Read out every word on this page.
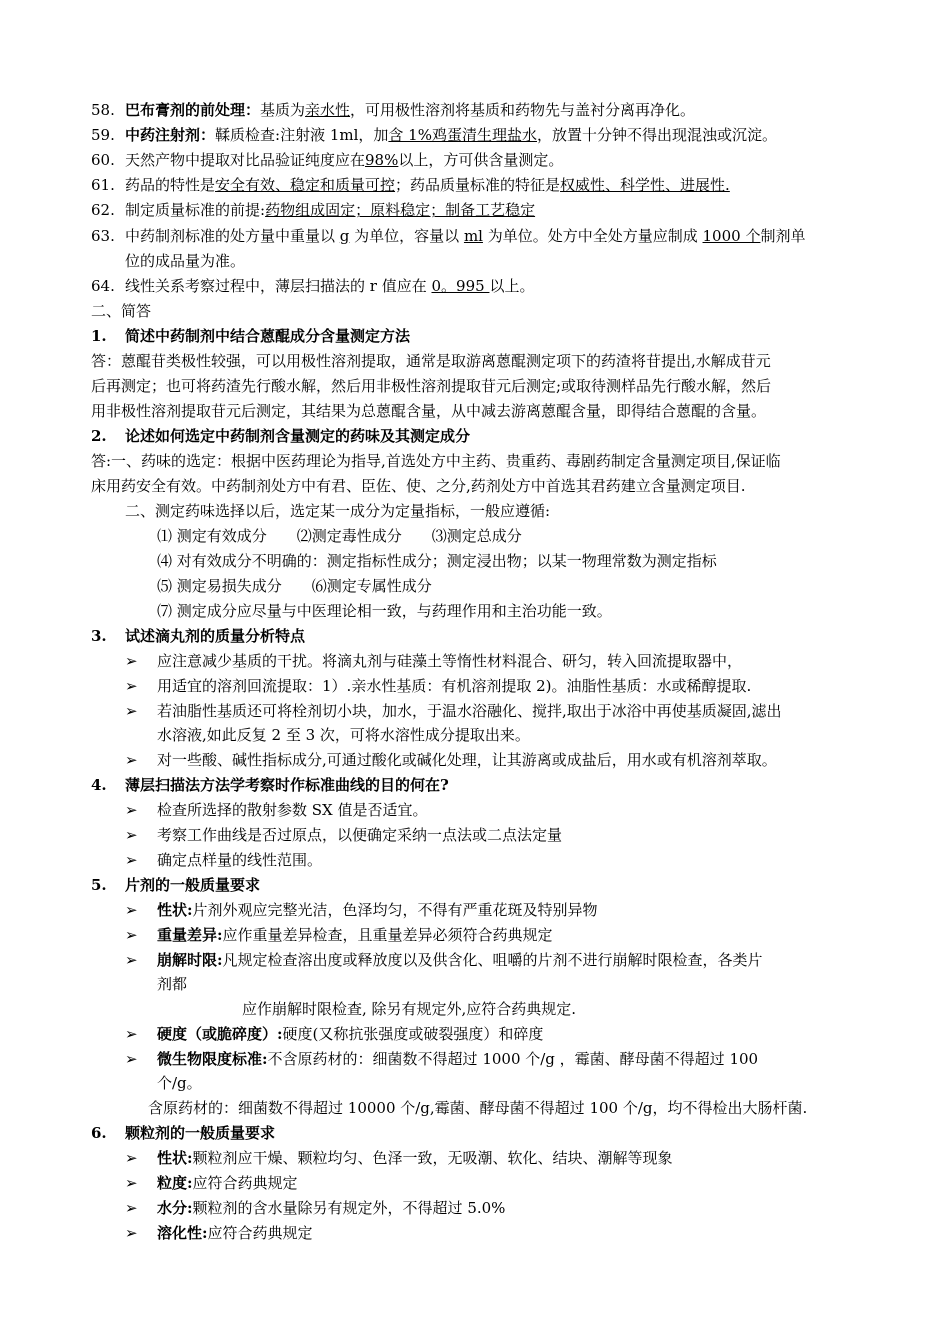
58. 巴布膏剂的前处理：基质为亲水性，可用极性溶剂将基质和药物先与盖衬分离再净化。
59. 中药注射剂：鞣质检查:注射液 1ml，加含 1%鸡蛋清生理盐水，放置十分钟不得出现混浊或沉淀。
60. 天然产物中提取对比品验证纯度应在98%以上，方可供含量测定。
61. 药品的特性是安全有效、稳定和质量可控；药品质量标准的特征是权威性、科学性、进展性.
62. 制定质量标准的前提:药物组成固定；原料稳定；制备工艺稳定
63. 中药制剂标准的处方量中重量以 g 为单位，容量以 ml 为单位。处方中全处方量应制成 1000 个制剂单
位的成品量为准。
64. 线性关系考察过程中，薄层扫描法的 r 值应在 0。995 以上。
二、简答
1. 简述中药制剂中结合蒽醌成分含量测定方法
答：蒽醌苷类极性较强，可以用极性溶剂提取，通常是取游离蒽醌测定项下的药渣将苷提出,水解成苷元
后再测定；也可将药渣先行酸水解，然后用非极性溶剂提取苷元后测定;或取待测样品先行酸水解，然后
用非极性溶剂提取苷元后测定，其结果为总蒽醌含量，从中减去游离蒽醌含量，即得结合蒽醌的含量。
2. 论述如何选定中药制剂含量测定的药味及其测定成分
答:一、药味的选定：根据中医药理论为指导,首选处方中主药、贵重药、毒剧药制定含量测定项目,保证临
床用药安全有效。中药制剂处方中有君、臣佐、使、之分,药剂处方中首选其君药建立含量测定项目.
二、测定药味选择以后，选定某一成分为定量指标，一般应遵循:
⑴ 测定有效成分 ⑵测定毒性成分 ⑶测定总成分
⑷ 对有效成分不明确的：测定指标性成分；测定浸出物；以某一物理常数为测定指标
⑸ 测定易损失成分 ⑹测定专属性成分
⑺ 测定成分应尽量与中医理论相一致，与药理作用和主治功能一致。
3. 试述滴丸剂的质量分析特点
➢ 应注意减少基质的干扰。将滴丸剂与硅藻土等惰性材料混合、研匀，转入回流提取器中，
➢ 用适宜的溶剂回流提取：1）.亲水性基质：有机溶剂提取 2)。油脂性基质：水或稀醇提取.
➢ 若油脂性基质还可将栓剂切小块，加水，于温水浴融化、搅拌,取出于冰浴中再使基质凝固,滤出
水溶液,如此反复 2 至 3 次，可将水溶性成分提取出来。
➢ 对一些酸、碱性指标成分,可通过酸化或碱化处理，让其游离或成盐后，用水或有机溶剂萃取。
4. 薄层扫描法方法学考察时作标准曲线的目的何在?
➢ 检查所选择的散射参数 SX 值是否适宜。
➢ 考察工作曲线是否过原点，以便确定采纳一点法或二点法定量
➢ 确定点样量的线性范围。
5. 片剂的一般质量要求
➢ 性状:片剂外观应完整光洁，色泽均匀，不得有严重花斑及特别异物
➢ 重量差异:应作重量差异检查，且重量差异必须符合药典规定
➢ 崩解时限:凡规定检查溶出度或释放度以及供含化、咀嚼的片剂不进行崩解时限检查，各类片
剂都
应作崩解时限检查, 除另有规定外,应符合药典规定.
➢ 硬度（或脆碎度）:硬度(又称抗张强度或破裂强度）和碎度
➢ 微生物限度标准:不含原药材的：细菌数不得超过 1000 个/g ，霉菌、酵母菌不得超过 100
个/g。
含原药材的：细菌数不得超过 10000 个/g,霉菌、酵母菌不得超过 100 个/g，均不得检出大肠杆菌.
6. 颗粒剂的一般质量要求
➢ 性状:颗粒剂应干燥、颗粒均匀、色泽一致，无吸潮、软化、结块、潮解等现象
➢ 粒度:应符合药典规定
➢ 水分:颗粒剂的含水量除另有规定外，不得超过 5.0%
➢ 溶化性:应符合药典规定
